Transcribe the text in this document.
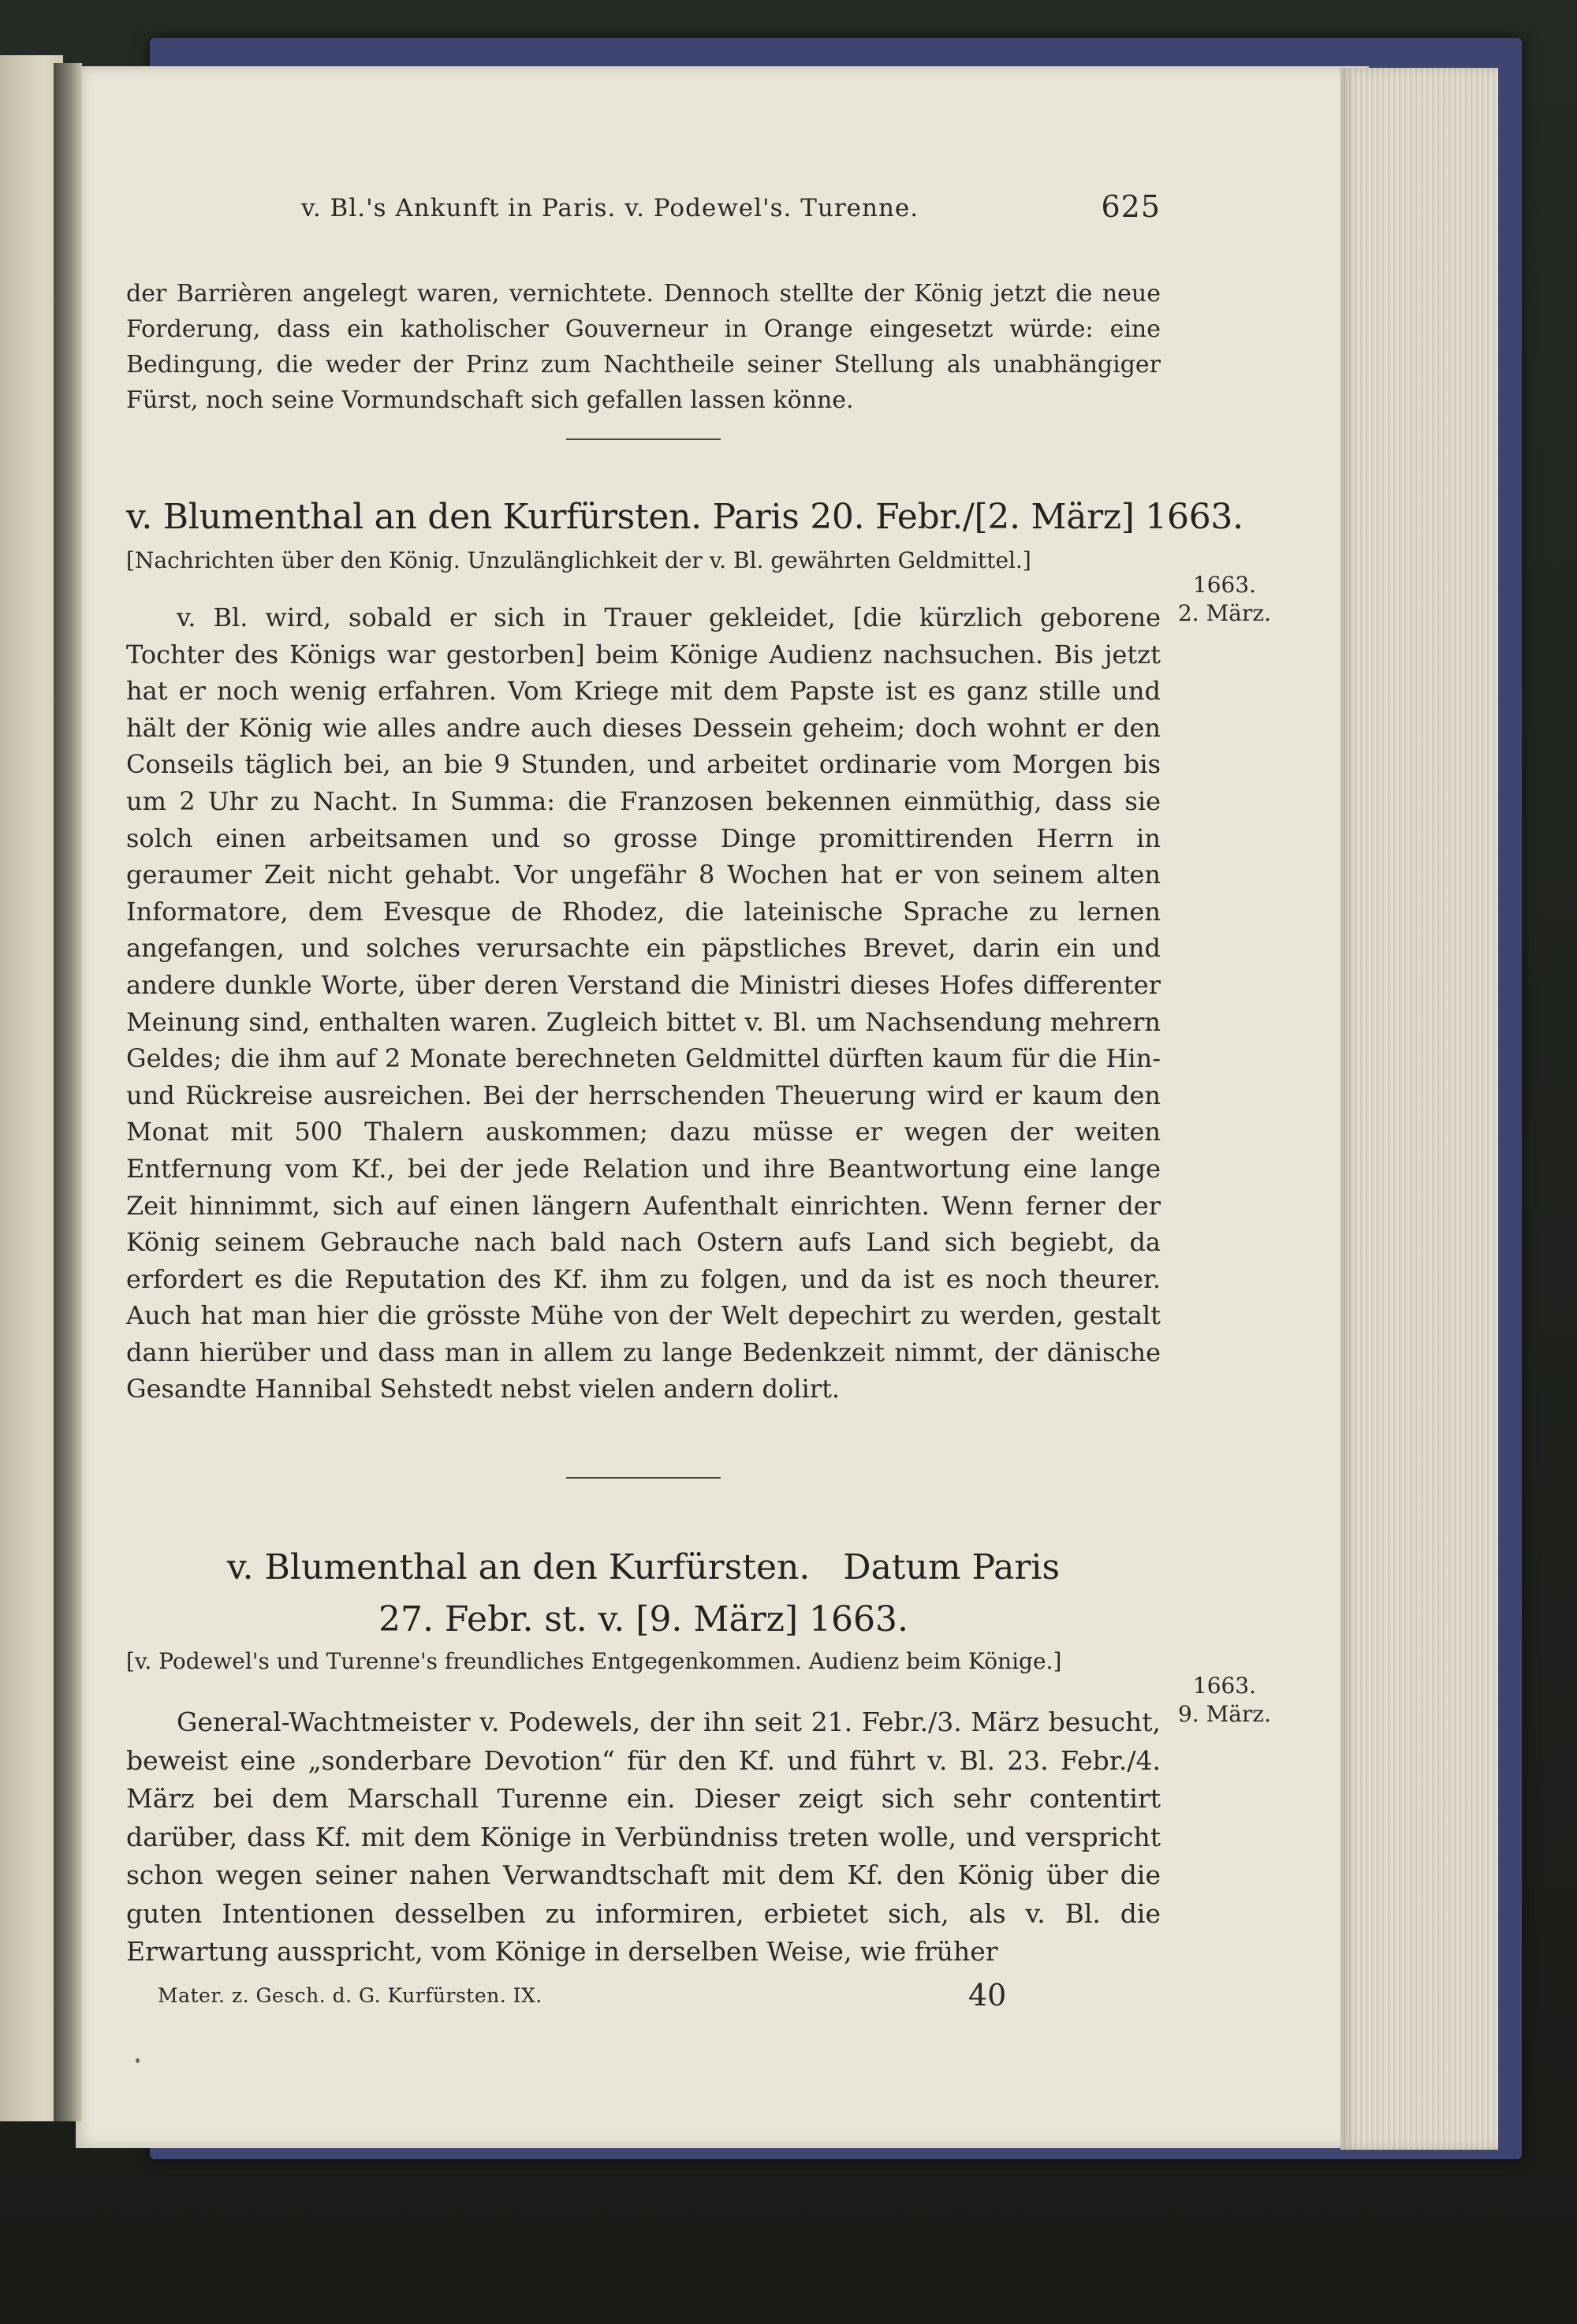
v. Bl.'s Ankunft in Paris. v. Podewel's. Turenne.	625

der Barrièren angelegt waren, vernichtete. Dennoch stellte der König jetzt die neue Forderung, dass ein katholischer Gouverneur in Orange eingesetzt würde: eine Bedingung, die weder der Prinz zum Nachtheile seiner Stellung als unabhängiger Fürst, noch seine Vormundschaft sich gefallen lassen könne.

v. Blumenthal an den Kurfürsten. Paris 20. Febr./[2. März] 1663.
[Nachrichten über den König. Unzulänglichkeit der v. Bl. gewährten Geldmittel.]
1663.
2. März.

v. Bl. wird, sobald er sich in Trauer gekleidet, [die kürzlich geborene Tochter des Königs war gestorben] beim Könige Audienz nachsuchen. Bis jetzt hat er noch wenig erfahren. Vom Kriege mit dem Papste ist es ganz stille und hält der König wie alles andre auch dieses Dessein geheim; doch wohnt er den Conseils täglich bei, an bie 9 Stunden, und arbeitet ordinarie vom Morgen bis um 2 Uhr zu Nacht. In Summa: die Franzosen bekennen einmüthig, dass sie solch einen arbeitsamen und so grosse Dinge promittirenden Herrn in geraumer Zeit nicht gehabt. Vor ungefähr 8 Wochen hat er von seinem alten Informatore, dem Evesque de Rhodez, die lateinische Sprache zu lernen angefangen, und solches verursachte ein päpstliches Brevet, darin ein und andere dunkle Worte, über deren Verstand die Ministri dieses Hofes differenter Meinung sind, enthalten waren. Zugleich bittet v. Bl. um Nachsendung mehrern Geldes; die ihm auf 2 Monate berechneten Geldmittel dürften kaum für die Hin- und Rückreise ausreichen. Bei der herrschenden Theuerung wird er kaum den Monat mit 500 Thalern auskommen; dazu müsse er wegen der weiten Entfernung vom Kf., bei der jede Relation und ihre Beantwortung eine lange Zeit hinnimmt, sich auf einen längern Aufenthalt einrichten. Wenn ferner der König seinem Gebrauche nach bald nach Ostern aufs Land sich begiebt, da erfordert es die Reputation des Kf. ihm zu folgen, und da ist es noch theurer. Auch hat man hier die grösste Mühe von der Welt depechirt zu werden, gestalt dann hierüber und dass man in allem zu lange Bedenkzeit nimmt, der dänische Gesandte Hannibal Sehstedt nebst vielen andern dolirt.

v. Blumenthal an den Kurfürsten.   Datum Paris
27. Febr. st. v. [9. März] 1663.
[v. Podewel's und Turenne's freundliches Entgegenkommen. Audienz beim Könige.]
1663.
9. März.

General-Wachtmeister v. Podewels, der ihn seit 21. Febr./3. März besucht, beweist eine „sonderbare Devotion“ für den Kf. und führt v. Bl. 23. Febr./4. März bei dem Marschall Turenne ein. Dieser zeigt sich sehr contentirt darüber, dass Kf. mit dem Könige in Verbündniss treten wolle, und verspricht schon wegen seiner nahen Verwandtschaft mit dem Kf. den König über die guten Intentionen desselben zu informiren, erbietet sich, als v. Bl. die Erwartung ausspricht, vom Könige in derselben Weise, wie früher

Mater. z. Gesch. d. G. Kurfürsten. IX.	40
